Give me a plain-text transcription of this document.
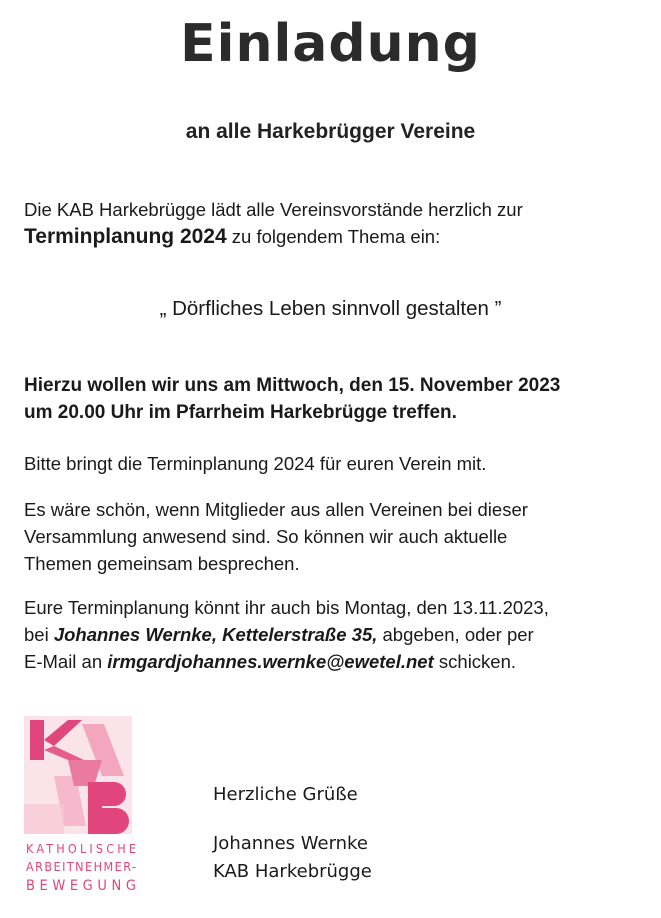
Einladung
an alle Harkebrügger Vereine
Die KAB Harkebrügge lädt alle Vereinsvorstände herzlich zur
Terminplanung 2024 zu folgendem Thema ein:
„ Dörfliches Leben sinnvoll gestalten ”
Hierzu wollen wir uns am Mittwoch, den 15. November 2023
um 20.00 Uhr im Pfarrheim Harkebrügge treffen.
Bitte bringt die Terminplanung 2024 für euren Verein mit.
Es wäre schön, wenn Mitglieder aus allen Vereinen bei dieser
Versammlung anwesend sind. So können wir auch aktuelle
Themen gemeinsam besprechen.
Eure Terminplanung könnt ihr auch bis Montag, den 13.11.2023,
bei Johannes Wernke, Kettelerstraße 35, abgeben, oder per
E-Mail an irmgardjohannes.wernke@ewetel.net schicken.
KATHOLISCHE
ARBEITNEHMER-
BEWEGUNG
Herzliche Grüße
Johannes Wernke
KAB Harkebrügge
